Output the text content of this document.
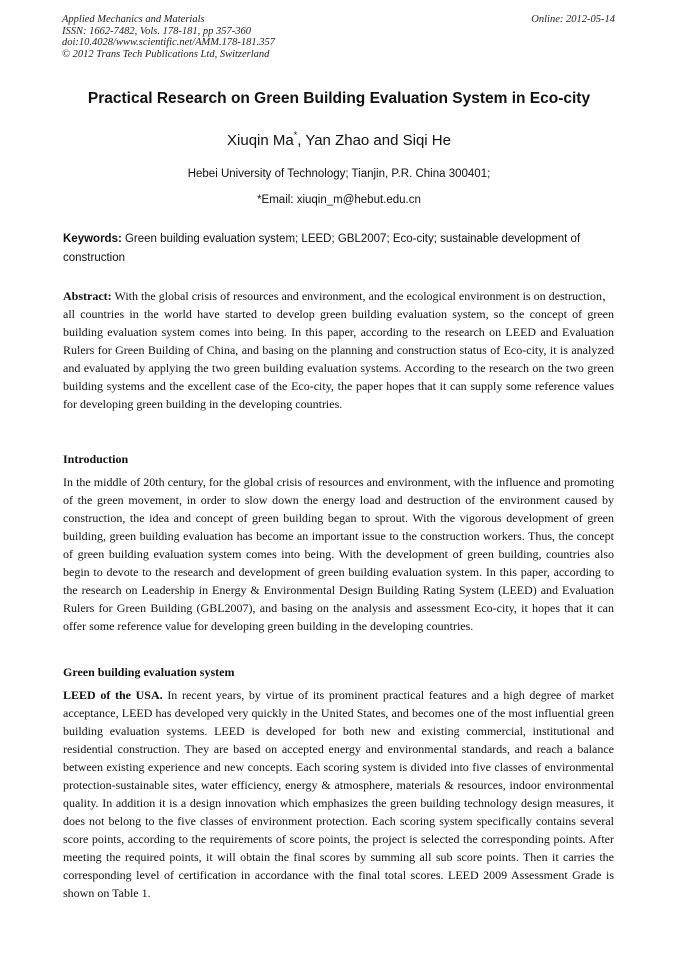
Applied Mechanics and Materials
ISSN: 1662-7482, Vols. 178-181, pp 357-360
doi:10.4028/www.scientific.net/AMM.178-181.357
© 2012 Trans Tech Publications Ltd, Switzerland
Online: 2012-05-14
Practical Research on Green Building Evaluation System in Eco-city
Xiuqin Ma*, Yan Zhao and Siqi He
Hebei University of Technology; Tianjin, P.R. China 300401;
*Email: xiuqin_m@hebut.edu.cn
Keywords: Green building evaluation system; LEED; GBL2007; Eco-city; sustainable development of construction
Abstract: With the global crisis of resources and environment, and the ecological environment is on destruction，all countries in the world have started to develop green building evaluation system, so the concept of green building evaluation system comes into being. In this paper, according to the research on LEED and Evaluation Rulers for Green Building of China, and basing on the planning and construction status of Eco-city, it is analyzed and evaluated by applying the two green building evaluation systems. According to the research on the two green building systems and the excellent case of the Eco-city, the paper hopes that it can supply some reference values for developing green building in the developing countries.
Introduction
In the middle of 20th century, for the global crisis of resources and environment, with the influence and promoting of the green movement, in order to slow down the energy load and destruction of the environment caused by construction, the idea and concept of green building began to sprout. With the vigorous development of green building, green building evaluation has become an important issue to the construction workers. Thus, the concept of green building evaluation system comes into being. With the development of green building, countries also begin to devote to the research and development of green building evaluation system. In this paper, according to the research on Leadership in Energy & Environmental Design Building Rating System (LEED) and Evaluation Rulers for Green Building (GBL2007), and basing on the analysis and assessment Eco-city, it hopes that it can offer some reference value for developing green building in the developing countries.
Green building evaluation system
LEED of the USA. In recent years, by virtue of its prominent practical features and a high degree of market acceptance, LEED has developed very quickly in the United States, and becomes one of the most influential green building evaluation systems. LEED is developed for both new and existing commercial, institutional and residential construction. They are based on accepted energy and environmental standards, and reach a balance between existing experience and new concepts. Each scoring system is divided into five classes of environmental protection-sustainable sites, water efficiency, energy & atmosphere, materials & resources, indoor environmental quality. In addition it is a design innovation which emphasizes the green building technology design measures, it does not belong to the five classes of environment protection. Each scoring system specifically contains several score points, according to the requirements of score points, the project is selected the corresponding points. After meeting the required points, it will obtain the final scores by summing all sub score points. Then it carries the corresponding level of certification in accordance with the final total scores. LEED 2009 Assessment Grade is shown on Table 1.
